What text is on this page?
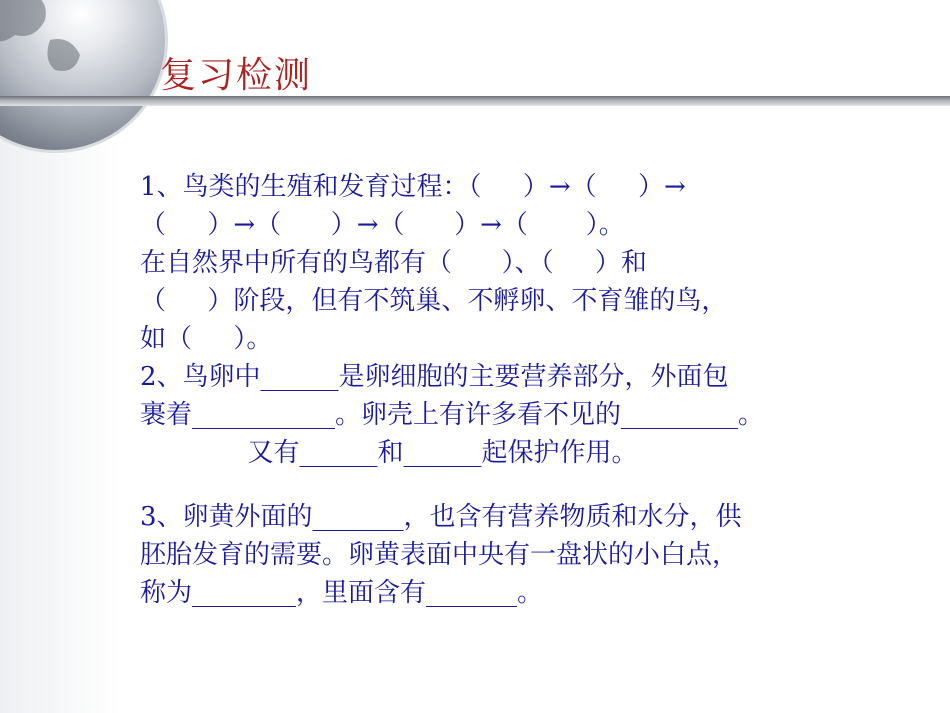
复习检测
1、鸟类的生殖和发育过程：（     ）→（     ）→
（     ）→（      ）→（      ）→（       ）。
在自然界中所有的鸟都有（      ）、（     ）和
（     ）阶段，但有不筑巢、不孵卵、不育雏的鸟，
如（     ）。
2、鸟卵中______是卵细胞的主要营养部分，外面包
裹着___________。卵壳上有许多看不见的_________。
又有______和______起保护作用。
3、卵黄外面的_______，也含有营养物质和水分，供
胚胎发育的需要。卵黄表面中央有一盘状的小白点，
称为________，里面含有_______。
